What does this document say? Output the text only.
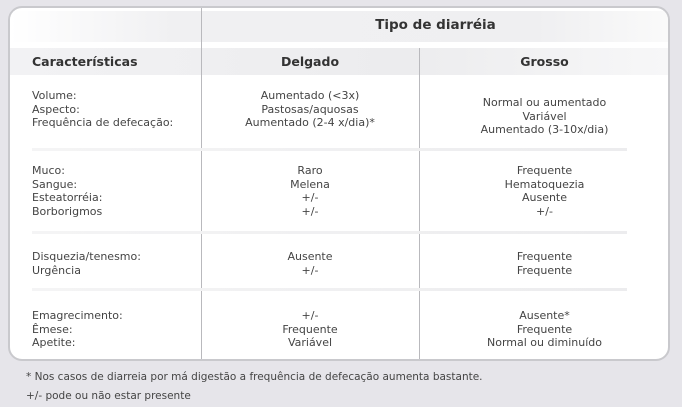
Tipo de diarréia
Características	Delgado	Grosso
Volume:
Aspecto:
Frequência de defecação:
Aumentado (<3x)
Pastosas/aquosas
Aumentado (2-4 x/dia)*
Normal ou aumentado
Variável
Aumentado (3-10x/dia)
Muco:
Sangue:
Esteatorréia:
Borborigmos
Raro
Melena
+/-
+/-
Frequente
Hematoquezia
Ausente
+/-
Disquezia/tenesmo:
Urgência
Ausente
+/-
Frequente
Frequente
Emagrecimento:
Êmese:
Apetite:
+/-
Frequente
Variável
Ausente*
Frequente
Normal ou diminuído
* Nos casos de diarreia por má digestão a frequência de defecação aumenta bastante.
+/- pode ou não estar presente
